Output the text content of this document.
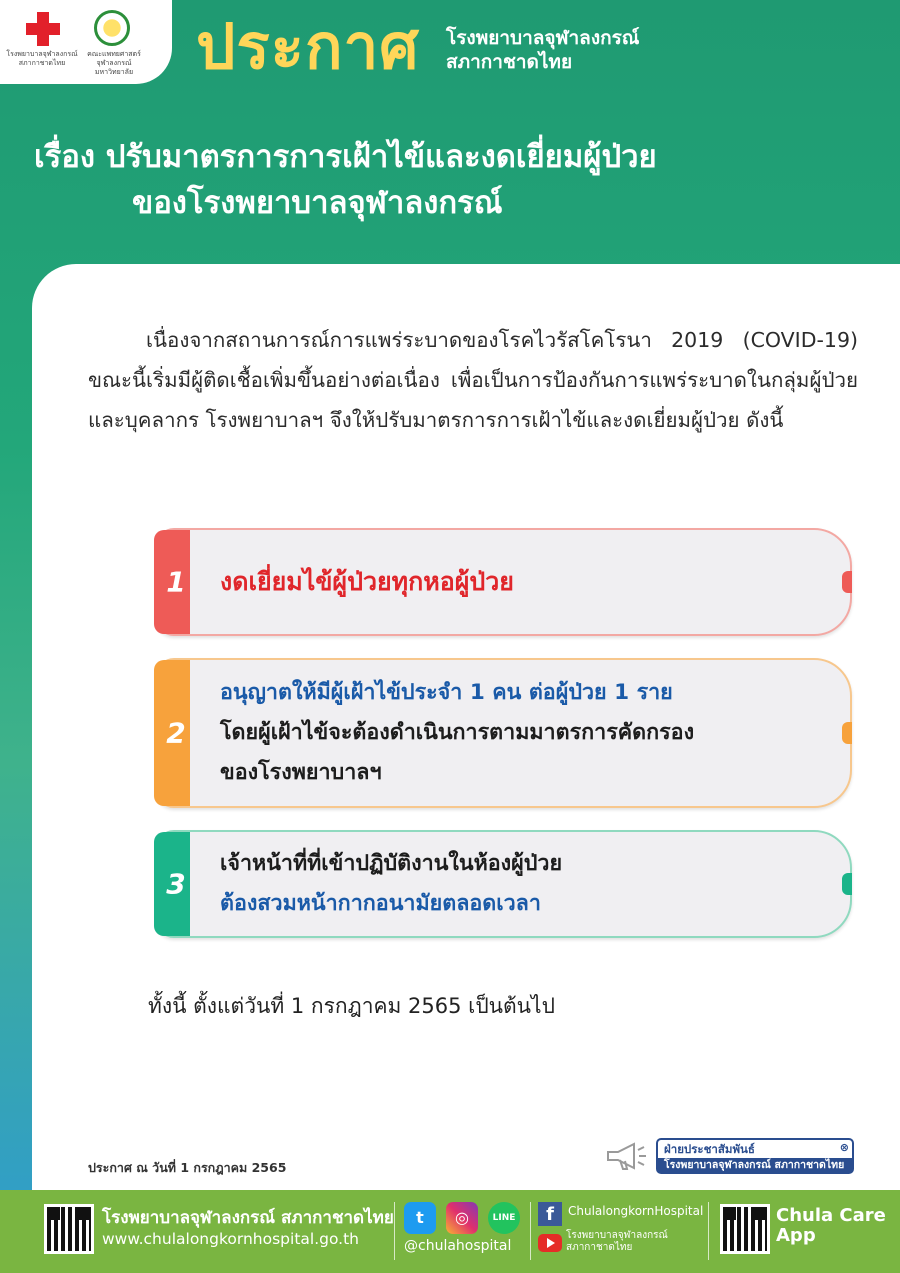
โรงพยาบาลจุฬาลงกรณ์ สภากาชาดไทย
คณะแพทยศาสตร์ จุฬาลงกรณ์มหาวิทยาลัย ประกาศ โรงพยาบาลจุฬาลงกรณ์
สภากาชาดไทย
เรื่อง ปรับมาตรการการเฝ้าไข้และงดเยี่ยมผู้ป่วย
ของโรงพยาบาลจุฬาลงกรณ์

เนื่องจากสถานการณ์การแพร่ระบาดของโรคไวรัสโคโรนา 2019 (COVID-19) ขณะนี้เริ่มมีผู้ติดเชื้อเพิ่มขึ้นอย่างต่อเนื่อง เพื่อเป็นการป้องกันการแพร่ระบาดในกลุ่มผู้ป่วยและบุคลากร โรงพยาบาลฯ จึงให้ปรับมาตรการการเฝ้าไข้และงดเยี่ยมผู้ป่วย ดังนี้

1	งดเยี่ยมไข้ผู้ป่วยทุกหอผู้ป่วย
2
อนุญาตให้มีผู้เฝ้าไข้ประจำ 1 คน ต่อผู้ป่วย 1 ราย
โดยผู้เฝ้าไข้จะต้องดำเนินการตามมาตรการคัดกรอง
ของโรงพยาบาลฯ
3
เจ้าหน้าที่ที่เข้าปฏิบัติงานในห้องผู้ป่วย
ต้องสวมหน้ากากอนามัยตลอดเวลา
ทั้งนี้ ตั้งแต่วันที่ 1 กรกฎาคม 2565 เป็นต้นไป
ประกาศ ณ วันที่ 1 กรกฎาคม 2565
ฝ่ายประชาสัมพันธ์
โรงพยาบาลจุฬาลงกรณ์ สภากาชาดไทย
⊗
โรงพยาบาลจุฬาลงกรณ์ สภากาชาดไทย
www.chulalongkornhospital.go.th
t	◎	LINE
@chulahospital
f	ChulalongkornHospital
โรงพยาบาลจุฬาลงกรณ์ สภากาชาดไทย
Chula Care App
